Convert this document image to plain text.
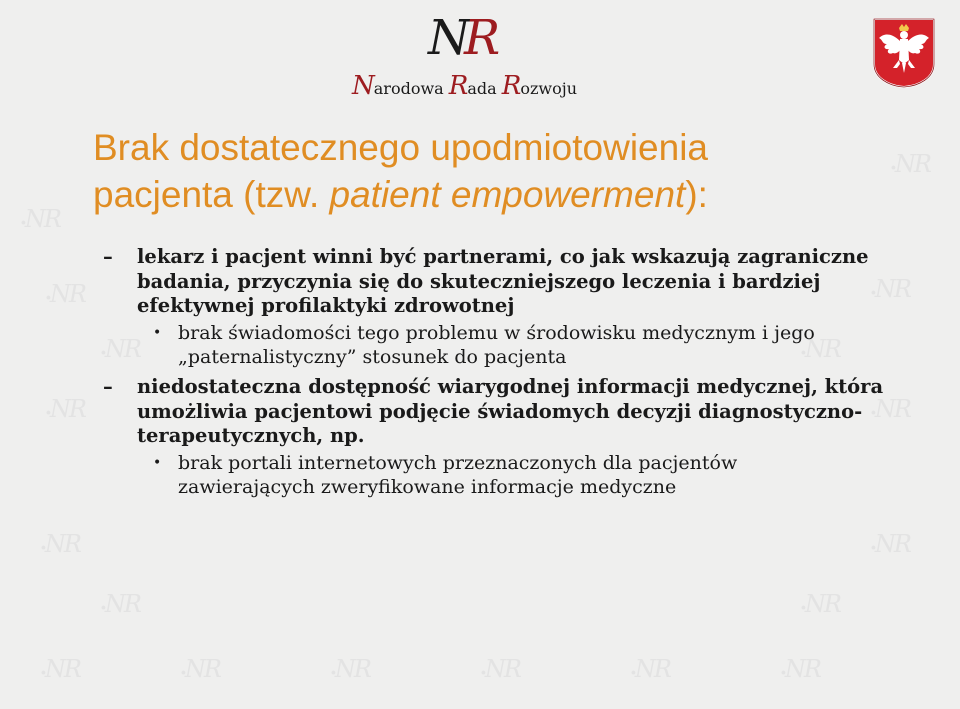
∙ NR
∙ NR
∙ NR	∙ NR
∙ NR	∙ NR
∙ NR	∙ NR
∙ NR	∙ NR
∙ NR	∙ NR
∙ NR	∙ NR	∙ NR	∙ NR	∙ NR	∙ NR
NR
Narodowa Rada Rozwoju
Brak dostatecznego upodmiotowienia
pacjenta (tzw. patient empowerment):
– lekarz i pacjent winni być partnerami, co jak wskazują zagraniczne badania, przyczynia się do skuteczniejszego leczenia i bardziej efektywnej profilaktyki zdrowotnej
• brak świadomości tego problemu w środowisku medycznym i jego „paternalistyczny” stosunek do pacjenta
– niedostateczna dostępność wiarygodnej informacji medycznej, która umożliwia pacjentowi podjęcie świadomych decyzji diagnostyczno-terapeutycznych, np.
• brak portali internetowych przeznaczonych dla pacjentów zawierających zweryfikowane informacje medyczne
